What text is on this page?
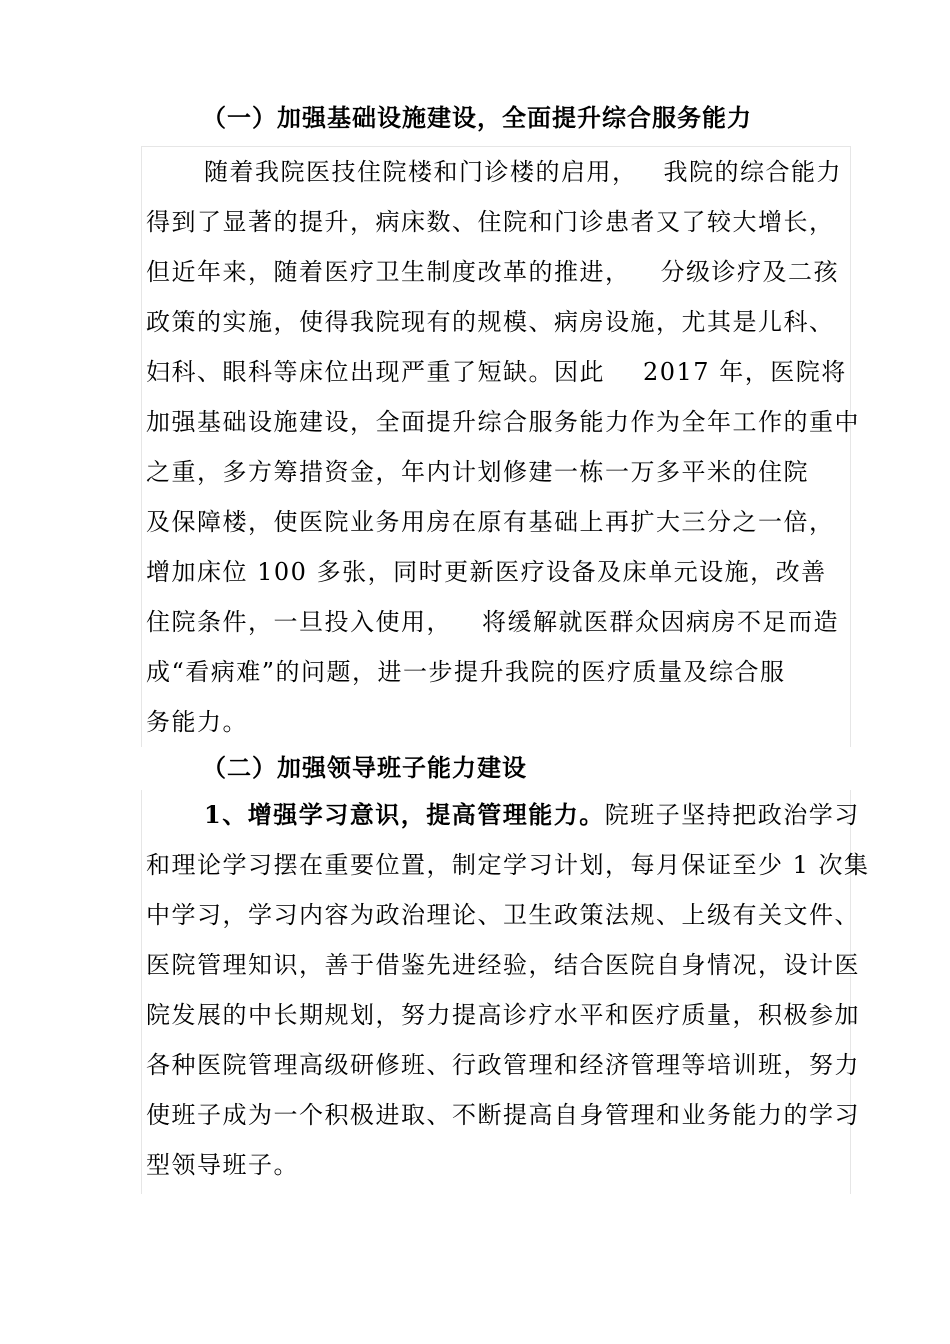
（一）加强基础设施建设，全面提升综合服务能力
随着我院医技住院楼和门诊楼的启用， 我院的综合能力
得到了显著的提升，病床数、住院和门诊患者又了较大增长，
但近年来，随着医疗卫生制度改革的推进， 分级诊疗及二孩
政策的实施，使得我院现有的规模、病房设施，尤其是儿科、
妇科、眼科等床位出现严重了短缺。因此 2017 年，医院将
加强基础设施建设，全面提升综合服务能力作为全年工作的重中
之重，多方筹措资金，年内计划修建一栋一万多平米的住院
及保障楼，使医院业务用房在原有基础上再扩大三分之一倍，
增加床位 100 多张，同时更新医疗设备及床单元设施，改善
住院条件，一旦投入使用， 将缓解就医群众因病房不足而造
成“看病难”的问题，进一步提升我院的医疗质量及综合服
务能力。
（二）加强领导班子能力建设
1、增强学习意识，提高管理能力。院班子坚持把政治学习
和理论学习摆在重要位置，制定学习计划，每月保证至少 1 次集
中学习，学习内容为政治理论、卫生政策法规、上级有关文件、
医院管理知识，善于借鉴先进经验，结合医院自身情况，设计医
院发展的中长期规划，努力提高诊疗水平和医疗质量，积极参加
各种医院管理高级研修班、行政管理和经济管理等培训班，努力
使班子成为一个积极进取、不断提高自身管理和业务能力的学习
型领导班子。
